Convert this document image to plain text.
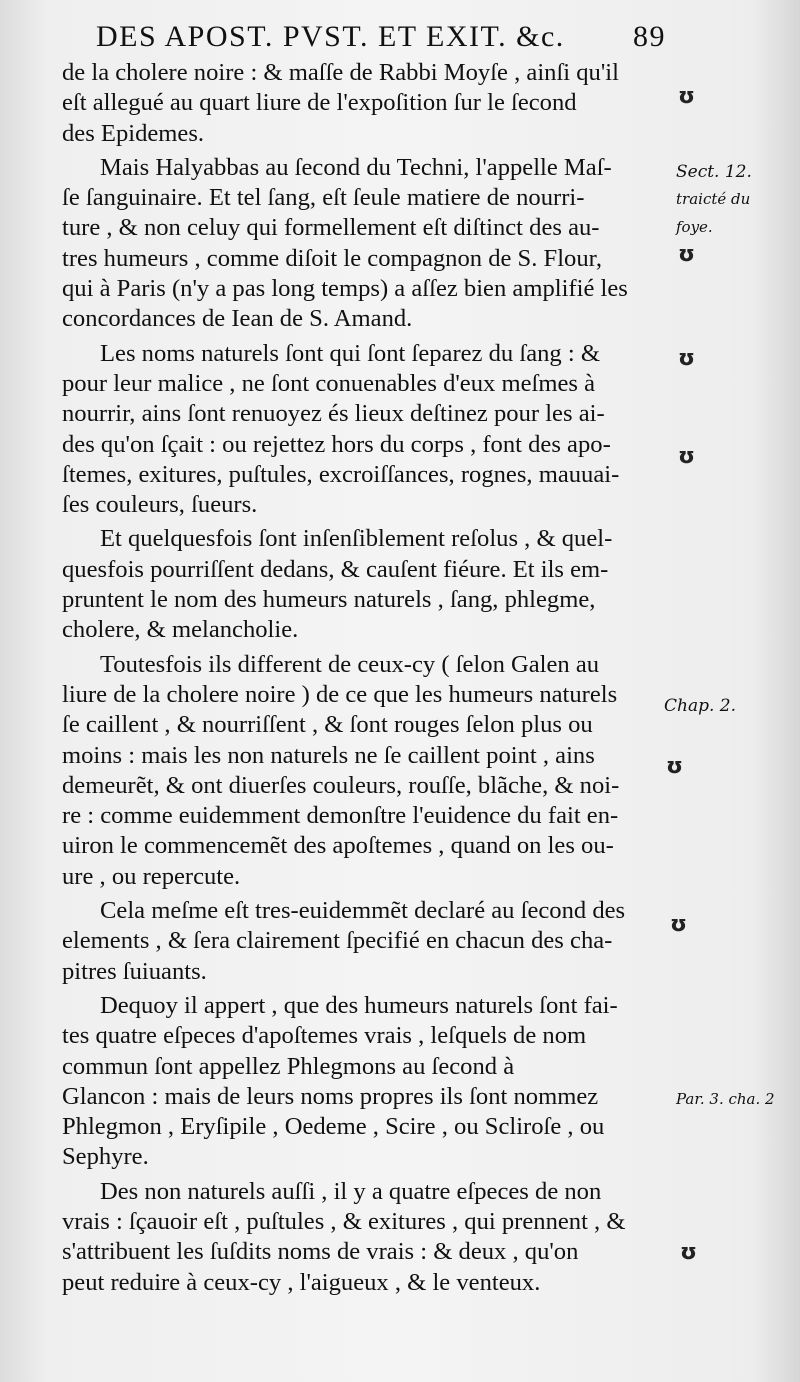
DES APOST. PVST. ET EXIT. &c. 89
de la cholere noire : & maſſe de Rabbi Moyſe , ainſi qu'il
eſt allegué au quart liure de l'expoſition ſur le ſecond
des Epidemes.
Mais Halyabbas au ſecond du Techni, l'appelle Maſ-
ſe ſanguinaire. Et tel ſang, eſt ſeule matiere de nourri-
ture , & non celuy qui formellement eſt diſtinct des au-
tres humeurs , comme diſoit le compagnon de S. Flour,
qui à Paris (n'y a pas long temps) a aſſez bien amplifié les
concordances de Iean de S. Amand.
Les noms naturels ſont qui ſont ſeparez du ſang : &
pour leur malice , ne ſont conuenables d'eux meſmes à
nourrir, ains ſont renuoyez és lieux deſtinez pour les ai-
des qu'on ſçait : ou rejettez hors du corps , font des apo-
ſtemes, exitures, puſtules, excroiſſances, rognes, mauuai-
ſes couleurs, ſueurs.
Et quelquesfois ſont inſenſiblement reſolus , & quel-
quesfois pourriſſent dedans, & cauſent fiéure. Et ils em-
pruntent le nom des humeurs naturels , ſang, phlegme,
cholere, & melancholie.
Toutesfois ils different de ceux-cy ( ſelon Galen au
liure de la cholere noire ) de ce que les humeurs naturels
ſe caillent , & nourriſſent , & ſont rouges ſelon plus ou
moins : mais les non naturels ne ſe caillent point , ains
demeurẽt, & ont diuerſes couleurs, rouſſe, blãche, & noi-
re : comme euidemment demonſtre l'euidence du fait en-
uiron le commencemẽt des apoſtemes , quand on les ou-
ure , ou repercute.
Cela meſme eſt tres-euidemmẽt declaré au ſecond des
elements , & ſera clairement ſpecifié en chacun des cha-
pitres ſuiuants.
Dequoy il appert , que des humeurs naturels ſont fai-
tes quatre eſpeces d'apoſtemes vrais , leſquels de nom
commun ſont appellez Phlegmons au ſecond à
Glancon : mais de leurs noms propres ils ſont nommez
Phlegmon , Eryſipile , Oedeme , Scire , ou Scliroſe , ou
Sephyre.
Des non naturels auſſi , il y a quatre eſpeces de non
vrais : ſçauoir eſt , puſtules , & exitures , qui prennent , &
s'attribuent les ſuſdits noms de vrais : & deux , qu'on
peut reduire à ceux-cy , l'aigueux , & le venteux.
Sect. 12.
traicté du
foye.
Chap. 2.
Par. 3. cha. 2
ʊ
ʊ
ʊ
ʊ
ʊ
ʊ
ʊ
